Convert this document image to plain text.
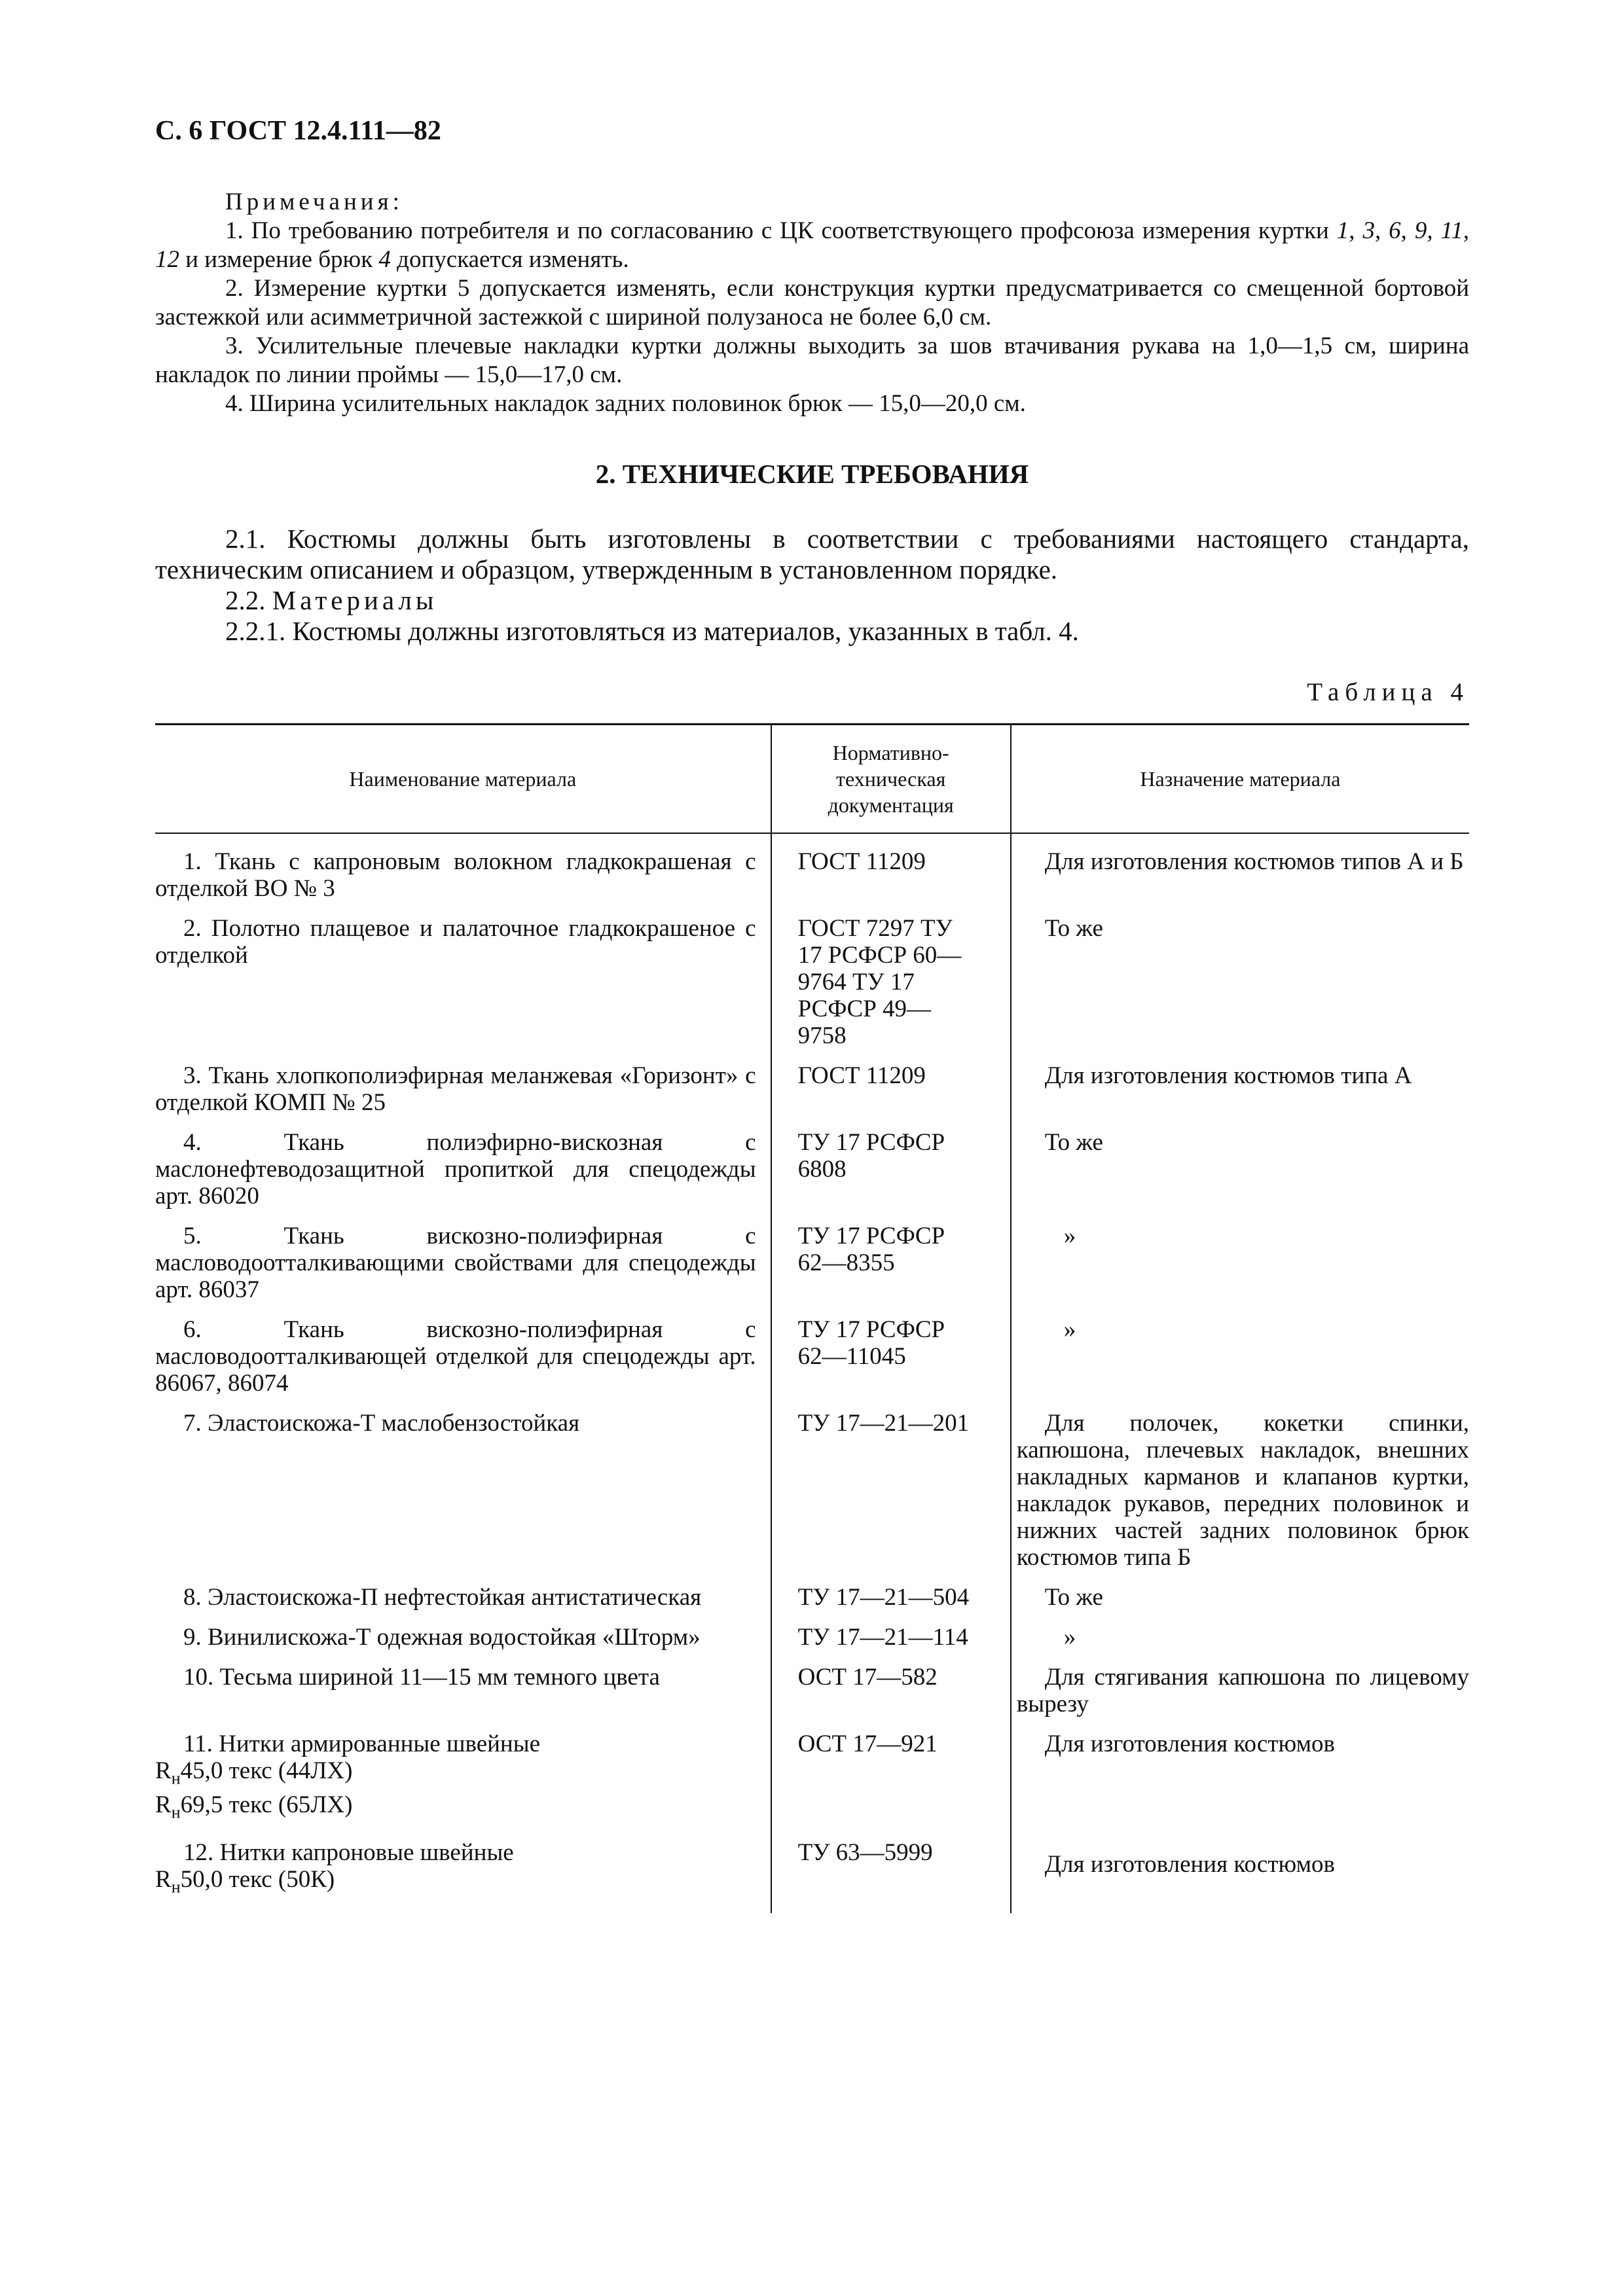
С. 6 ГОСТ 12.4.111—82

Примечания:

1. По требованию потребителя и по согласованию с ЦК соответствующего профсоюза измерения куртки 1, 3, 6, 9, 11, 12 и измерение брюк 4 допускается изменять.

2. Измерение куртки 5 допускается изменять, если конструкция куртки предусматривается со смещенной бортовой застежкой или асимметричной застежкой с шириной полузаноса не более 6,0 см.

3. Усилительные плечевые накладки куртки должны выходить за шов втачивания рукава на 1,0—1,5 см, ширина накладок по линии проймы — 15,0—17,0 см.

4. Ширина усилительных накладок задних половинок брюк — 15,0—20,0 см.

2. ТЕХНИЧЕСКИЕ ТРЕБОВАНИЯ

2.1. Костюмы должны быть изготовлены в соответствии с требованиями настоящего стандарта, техническим описанием и образцом, утвержденным в установленном порядке.

2.2. Материалы

2.2.1. Костюмы должны изготовляться из материалов, указанных в табл. 4.

Таблица 4
Наименование материала	Нормативно-техническая документация	Назначение материала

1. Ткань с капроновым волокном гладкокрашеная с отделкой ВО № 3	ГОСТ 11209	Для изготовления костюмов типов А и Б

2. Полотно плащевое и палаточное гладкокрашеное с отделкой	ГОСТ 7297 ТУ 17 РСФСР 60—9764 ТУ 17 РСФСР 49—9758	То же

3. Ткань хлопкополиэфирная меланжевая «Горизонт» с отделкой КОМП № 25	ГОСТ 11209	Для изготовления костюмов типа А

4. Ткань полиэфирно-вискозная с маслонефтеводозащитной пропиткой для спецодежды арт. 86020	ТУ 17 РСФСР 6808	То же

5. Ткань вискозно-полиэфирная с масловодоотталкивающими свойствами для спецодежды арт. 86037	ТУ 17 РСФСР 62—8355	»

6. Ткань вискозно-полиэфирная с масловодоотталкивающей отделкой для спецодежды арт. 86067, 86074	ТУ 17 РСФСР 62—11045	»

7. Эластоискожа-Т маслобензостойкая	ТУ 17—21—201	Для полочек, кокетки спинки, капюшона, плечевых накладок, внешних накладных карманов и клапанов куртки, накладок рукавов, передних половинок и нижних частей задних половинок брюк костюмов типа Б

8. Эластоискожа-П нефтестойкая антистатическая	ТУ 17—21—504	То же

9. Винилискожа-Т одежная водостойкая «Шторм»	ТУ 17—21—114	»

10. Тесьма шириной 11—15 мм темного цвета	ОСТ 17—582	Для стягивания капюшона по лицевому вырезу

11. Нитки армированные швейные
$R_н45,0$ текс (44ЛХ)
$R_н69,5$ текс (65ЛХ)	ОСТ 17—921	Для изготовления костюмов

12. Нитки капроновые швейные
$R_н50,0$ текс (50К)	ТУ 63—5999	Для изготовления костюмов
